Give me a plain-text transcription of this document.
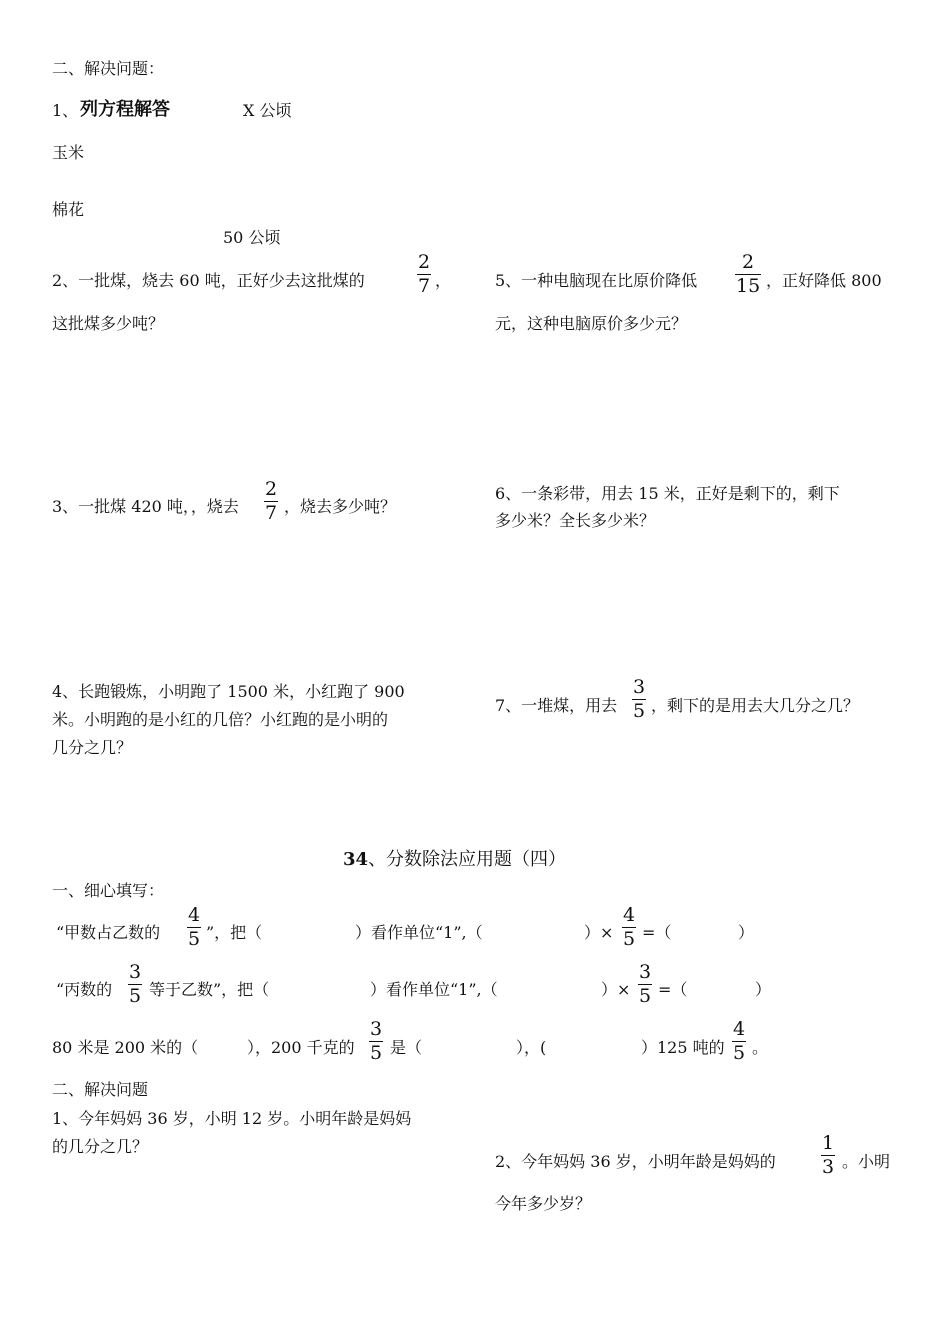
二、解决问题：
1、 列方程解答	X 公顷
玉米
棉花
50 公顷
2、一批煤，烧去 60 吨，正好少去这批煤的
2
7 ，
这批煤多少吨？
5、一种电脑现在比原价降低
2
15 ，正好降低 800
元，这种电脑原价多少元？
3、一批煤 420 吨，，烧去
2
7 ，烧去多少吨？
6、一条彩带，用去 15 米，正好是剩下的，剩下
多少米？全长多少米？
4、长跑锻炼，小明跑了 1500 米，小红跑了 900
米。小明跑的是小红的几倍？小红跑的是小明的
几分之几？
7、一堆煤，用去
3
5 ，剩下的是用去大几分之几？
34、分数除法应用题（四）
一、细心填写：
“甲数占乙数的
4
5 ”，把（	）看作单位“1”,（	）×
4
5 =（	）
“丙数的
3
5 等于乙数”，把（	）看作单位“1”,（	）×
3
5 =（	）
80 米是 200 米的（	），200 千克的
3
5 是（	），(	）125 吨的
4
5 。
二、解决问题
1、今年妈妈 36 岁，小明 12 岁。小明年龄是妈妈
的几分之几？
2、今年妈妈 36 岁，小明年龄是妈妈的
1
3 。小明
今年多少岁？
